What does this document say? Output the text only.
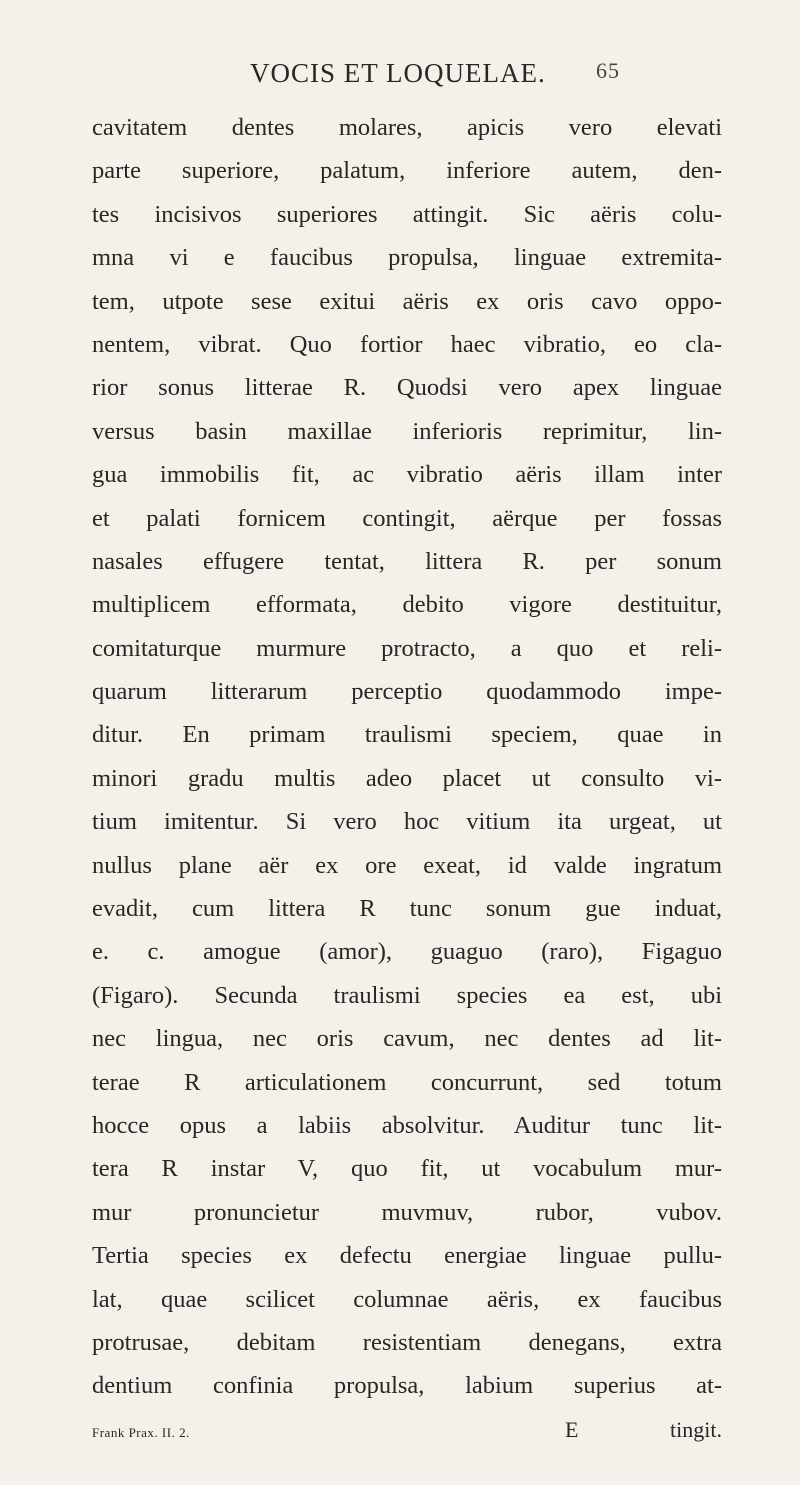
VOCIS ET LOQUELAE. 65
cavitatem dentes molares, apicis vero elevati
parte superiore, palatum, inferiore autem, den-
tes incisivos superiores attingit. Sic aëris colu-
mna vi e faucibus propulsa, linguae extremita-
tem, utpote sese exitui aëris ex oris cavo oppo-
nentem, vibrat. Quo fortior haec vibratio, eo cla-
rior sonus litterae R. Quodsi vero apex linguae
versus basin maxillae inferioris reprimitur, lin-
gua immobilis fit, ac vibratio aëris illam inter
et palati fornicem contingit, aërque per fossas
nasales effugere tentat, littera R. per sonum
multiplicem efformata, debito vigore destituitur,
comitaturque murmure protracto, a quo et reli-
quarum litterarum perceptio quodammodo impe-
ditur. En primam traulismi speciem, quae in
minori gradu multis adeo placet ut consulto vi-
tium imitentur. Si vero hoc vitium ita urgeat, ut
nullus plane aër ex ore exeat, id valde ingratum
evadit, cum littera R tunc sonum gue induat,
e. c. amogue (amor), guaguo (raro), Figaguo
(Figaro). Secunda traulismi species ea est, ubi
nec lingua, nec oris cavum, nec dentes ad lit-
terae R articulationem concurrunt, sed totum
hocce opus a labiis absolvitur. Auditur tunc lit-
tera R instar V, quo fit, ut vocabulum mur-
mur pronuncietur muvmuv, rubor, vubov.
Tertia species ex defectu energiae linguae pullu-
lat, quae scilicet columnae aëris, ex faucibus
protrusae, debitam resistentiam denegans, extra
dentium confinia propulsa, labium superius at-
Frank Prax. II. 2.	E	tingit.
